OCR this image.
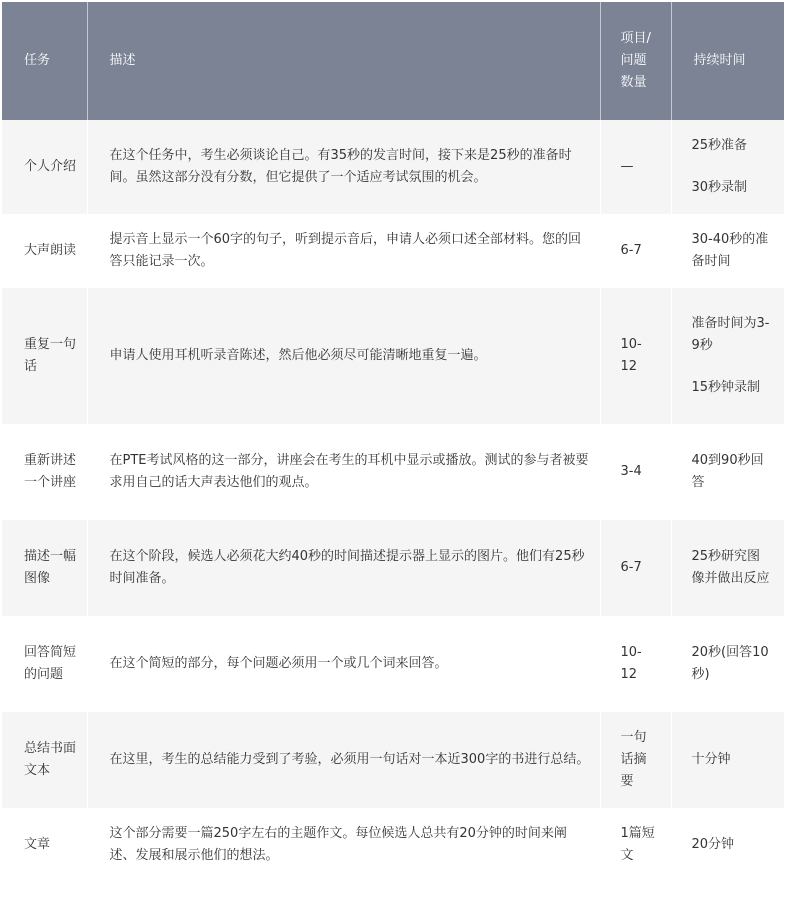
任务	描述	项目/问题数量	持续时间
个人介绍	在这个任务中，考生必须谈论自己。有35秒的发言时间，接下来是25秒的准备时间。虽然这部分没有分数，但它提供了一个适应考试氛围的机会。	—	25秒准备
30秒录制

大声朗读	提示音上显示一个60字的句子，听到提示音后，申请人必须口述全部材料。您的回答只能记录一次。	6-7	30-40秒的准备时间

重复一句话	申请人使用耳机听录音陈述，然后他必须尽可能清晰地重复一遍。	10-12	准备时间为3-9秒
15秒钟录制

重新讲述一个讲座	在PTE考试风格的这一部分，讲座会在考生的耳机中显示或播放。测试的参与者被要求用自己的话大声表达他们的观点。	3-4	40到90秒回答

描述一幅图像	在这个阶段，候选人必须花大约40秒的时间描述提示器上显示的图片。他们有25秒时间准备。	6-7	25秒研究图像并做出反应

回答简短的问题	在这个简短的部分，每个问题必须用一个或几个词来回答。	10-12	20秒(回答10秒)

总结书面文本	在这里，考生的总结能力受到了考验，必须用一句话对一本近300字的书进行总结。	一句话摘要	十分钟

文章	这个部分需要一篇250字左右的主题作文。每位候选人总共有20分钟的时间来阐述、发展和展示他们的想法。	1篇短文	20分钟
